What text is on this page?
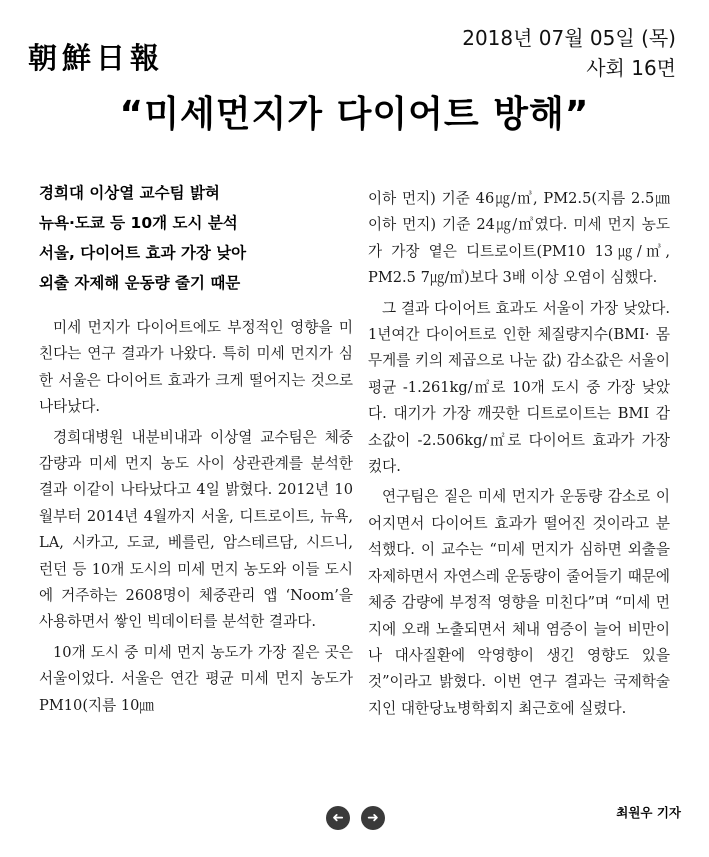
朝鮮日報
2018년 07월 05일 (목)
사회 16면
“미세먼지가 다이어트 방해”
경희대 이상열 교수팀 밝혀
뉴욕·도쿄 등 10개 도시 분석
서울, 다이어트 효과 가장 낮아
외출 자제해 운동량 줄기 때문

미세 먼지가 다이어트에도 부정적인 영향을 미친다는 연구 결과가 나왔다. 특히 미세 먼지가 심한 서울은 다이어트 효과가 크게 떨어지는 것으로 나타났다.

경희대병원 내분비내과 이상열 교수팀은 체중 감량과 미세 먼지 농도 사이 상관관계를 분석한 결과 이같이 나타났다고 4일 밝혔다. 2012년 10월부터 2014년 4월까지 서울, 디트로이트, 뉴욕, LA, 시카고, 도쿄, 베를린, 암스테르담, 시드니, 런던 등 10개 도시의 미세 먼지 농도와 이들 도시에 거주하는 2608명이 체중관리 앱 ‘Noom’을 사용하면서 쌓인 빅데이터를 분석한 결과다.

10개 도시 중 미세 먼지 농도가 가장 짙은 곳은 서울이었다. 서울은 연간 평균 미세 먼지 농도가 PM10(지름 10㎛

이하 먼지) 기준 46㎍/㎥, PM2.5(지름 2.5㎛ 이하 먼지) 기준 24㎍/㎥였다. 미세 먼지 농도가 가장 옅은 디트로이트(PM10 13㎍/㎥, PM2.5 7㎍/㎥)보다 3배 이상 오염이 심했다.

그 결과 다이어트 효과도 서울이 가장 낮았다. 1년여간 다이어트로 인한 체질량지수(BMI· 몸무게를 키의 제곱으로 나눈 값) 감소값은 서울이 평균 -1.261kg/㎡로 10개 도시 중 가장 낮았다. 대기가 가장 깨끗한 디트로이트는 BMI 감소값이 -2.506kg/㎡로 다이어트 효과가 가장 컸다.

연구팀은 짙은 미세 먼지가 운동량 감소로 이어지면서 다이어트 효과가 떨어진 것이라고 분석했다. 이 교수는 “미세 먼지가 심하면 외출을 자제하면서 자연스레 운동량이 줄어들기 때문에 체중 감량에 부정적 영향을 미친다”며 “미세 먼지에 오래 노출되면서 체내 염증이 늘어 비만이나 대사질환에 악영향이 생긴 영향도 있을 것”이라고 밝혔다. 이번 연구 결과는 국제학술지인 대한당뇨병학회지 최근호에 실렸다.

최원우 기자
➜	➜
